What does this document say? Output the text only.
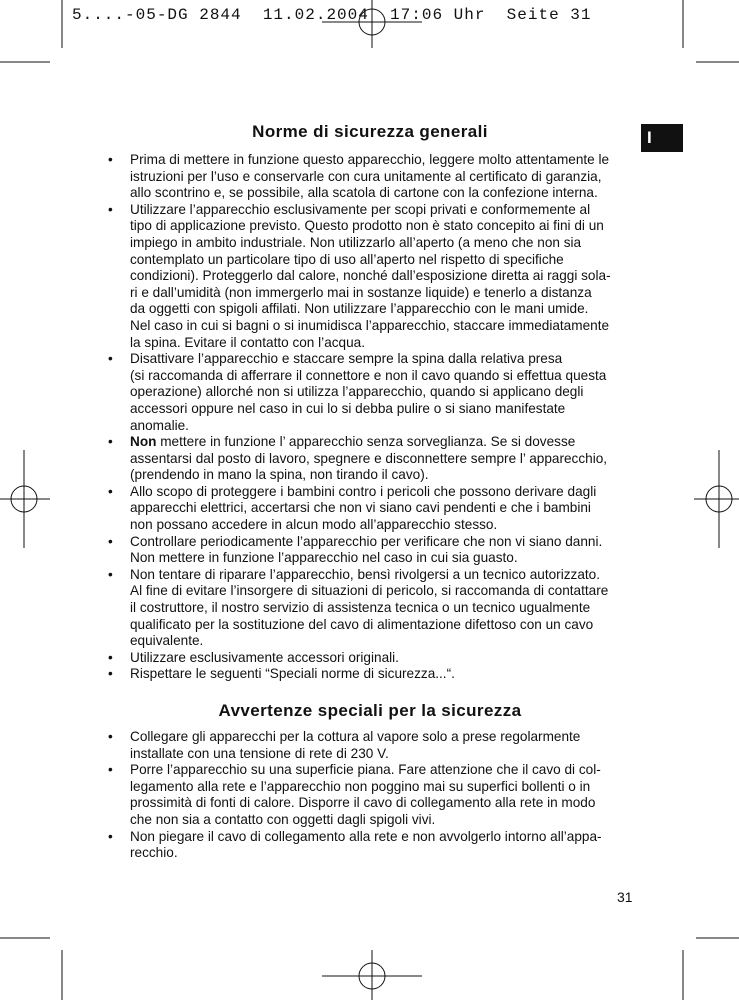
5....-05-DG 2844  11.02.2004  17:06 Uhr  Seite 31
I
Norme di sicurezza generali
• Prima di mettere in funzione questo apparecchio, leggere molto attentamente le
istruzioni per l’uso e conservarle con cura unitamente al certificato di garanzia,
allo scontrino e, se possibile, alla scatola di cartone con la confezione interna.
• Utilizzare l’apparecchio esclusivamente per scopi privati e conformemente al
tipo di applicazione previsto. Questo prodotto non è stato concepito ai fini di un
impiego in ambito industriale. Non utilizzarlo all’aperto (a meno che non sia
contemplato un particolare tipo di uso all’aperto nel rispetto di specifiche
condizioni). Proteggerlo dal calore, nonché dall’esposizione diretta ai raggi sola-
ri e dall’umidità (non immergerlo mai in sostanze liquide) e tenerlo a distanza
da oggetti con spigoli affilati. Non utilizzare l’apparecchio con le mani umide.
Nel caso in cui si bagni o si inumidisca l’apparecchio, staccare immediatamente
la spina. Evitare il contatto con l’acqua.
• Disattivare l’apparecchio e staccare sempre la spina dalla relativa presa
(si raccomanda di afferrare il connettore e non il cavo quando si effettua questa
operazione) allorché non si utilizza l’apparecchio, quando si applicano degli
accessori oppure nel caso in cui lo si debba pulire o si siano manifestate
anomalie.
• Non mettere in funzione l’ apparecchio senza sorveglianza. Se si dovesse
assentarsi dal posto di lavoro, spegnere e disconnettere sempre l’ apparecchio,
(prendendo in mano la spina, non tirando il cavo).
• Allo scopo di proteggere i bambini contro i pericoli che possono derivare dagli
apparecchi elettrici, accertarsi che non vi siano cavi pendenti e che i bambini
non possano accedere in alcun modo all’apparecchio stesso.
• Controllare periodicamente l’apparecchio per verificare che non vi siano danni.
Non mettere in funzione l’apparecchio nel caso in cui sia guasto.
• Non tentare di riparare l’apparecchio, bensì rivolgersi a un tecnico autorizzato.
Al fine di evitare l’insorgere di situazioni di pericolo, si raccomanda di contattare
il costruttore, il nostro servizio di assistenza tecnica o un tecnico ugualmente
qualificato per la sostituzione del cavo di alimentazione difettoso con un cavo
equivalente.
• Utilizzare esclusivamente accessori originali.
• Rispettare le seguenti “Speciali norme di sicurezza...“.
Avvertenze speciali per la sicurezza
• Collegare gli apparecchi per la cottura al vapore solo a prese regolarmente
installate con una tensione di rete di 230 V.
• Porre l’apparecchio su una superficie piana. Fare attenzione che il cavo di col-
legamento alla rete e l’apparecchio non poggino mai su superfici bollenti o in
prossimità di fonti di calore. Disporre il cavo di collegamento alla rete in modo
che non sia a contatto con oggetti dagli spigoli vivi.
• Non piegare il cavo di collegamento alla rete e non avvolgerlo intorno all’appa-
recchio.
31
